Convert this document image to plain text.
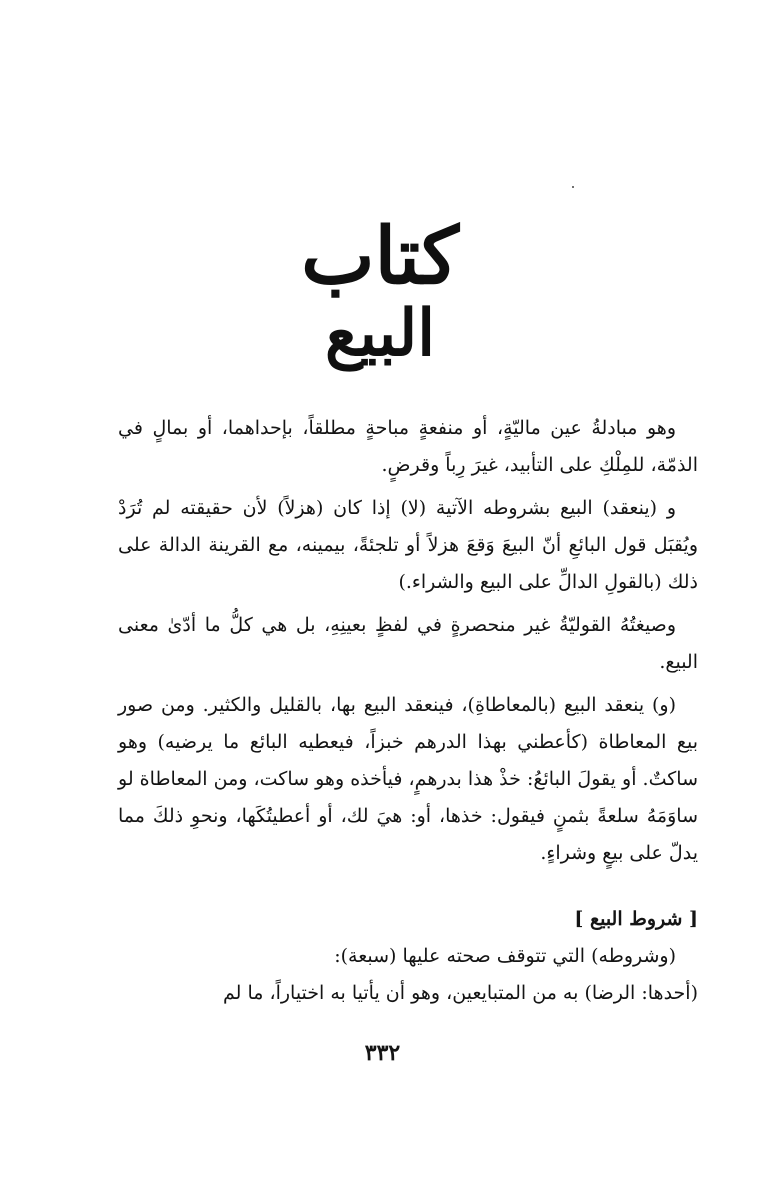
كتاب
البيع

وهو مبادلةُ عين ماليّةٍ، أو منفعةٍ مباحةٍ مطلقاً، بإحداهما، أو بمالٍ في الذمّة، للمِلْكِ على التأبيد، غيرَ رِباً وقرضٍ.

و (ينعقد) البيع بشروطه الآتية (لا) إذا كان (هزلاً) لأن حقيقته لم تُرَدْ ويُقبَل قول البائعِ أنّ البيعَ وَقعَ هزلاً أو تلجئةً، بيمينه، مع القرينة الدالة على ذلك (بالقولِ الدالِّ على البيع والشراء.)

وصيغتُهُ القوليّةُ غير منحصرةٍ في لفظٍ بعينِهِ، بل هي كلُّ ما أدّىٰ معنى البيع.

(و) ينعقد البيع (بالمعاطاةِ)، فينعقد البيع بها، بالقليل والكثير. ومن صور بيع المعاطاة (كأعطني بهذا الدرهم خبزاً، فيعطيه البائع ما يرضيه) وهو ساكتٌ. أو يقولَ البائعُ: خذْ هذا بدرهمٍ، فيأخذه وهو ساكت، ومن المعاطاة لو ساوَمَهُ سلعةً بثمنٍ فيقول: خذها، أو: هيَ لك، أو أعطيتُكَها، ونحوِ ذلكَ مما يدلّ على بيعٍ وشراءٍ.

[ شروط البيع ]

(وشروطه) التي تتوقف صحته عليها (سبعة):

(أحدها: الرضا) به من المتبايعين، وهو أن يأتيا به اختياراً، ما لم

٣٣٢
